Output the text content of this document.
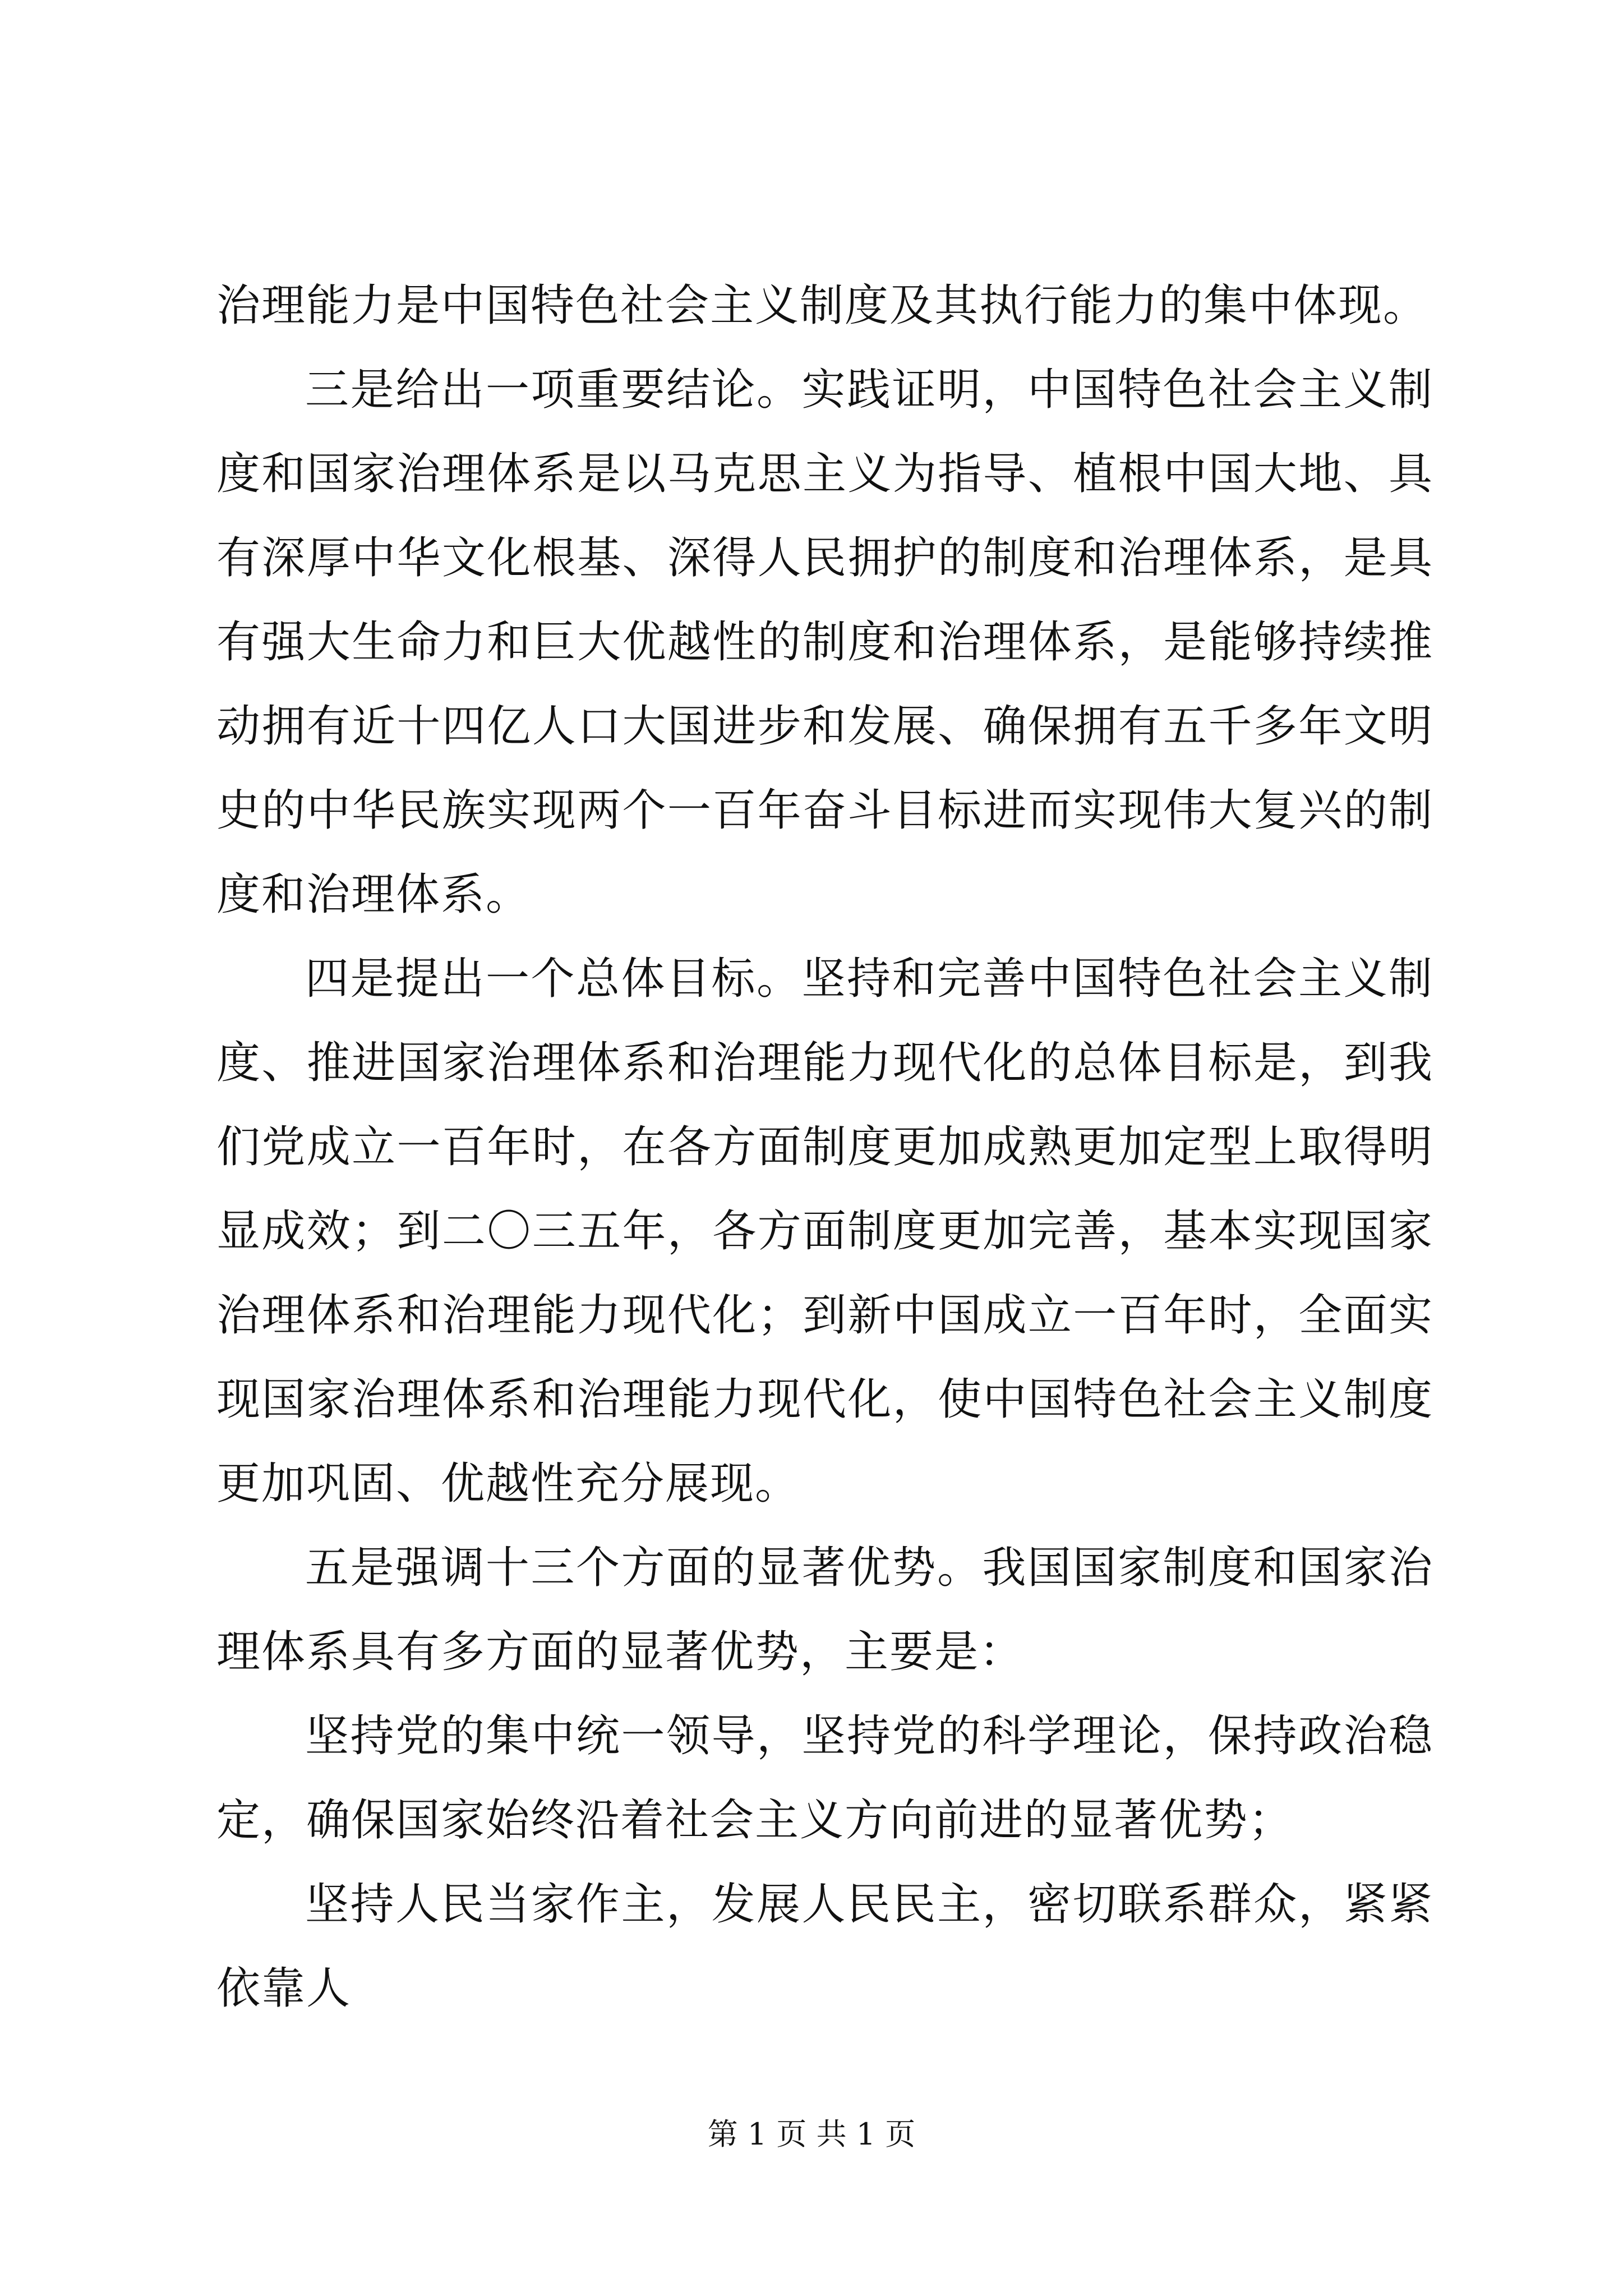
治理能力是中国特色社会主义制度及其执行能力的集中体现。

三是给出一项重要结论。实践证明，中国特色社会主义制度和国家治理体系是以马克思主义为指导、植根中国大地、具有深厚中华文化根基、深得人民拥护的制度和治理体系，是具有强大生命力和巨大优越性的制度和治理体系，是能够持续推动拥有近十四亿人口大国进步和发展、确保拥有五千多年文明史的中华民族实现两个一百年奋斗目标进而实现伟大复兴的制度和治理体系。

四是提出一个总体目标。坚持和完善中国特色社会主义制度、推进国家治理体系和治理能力现代化的总体目标是，到我们党成立一百年时，在各方面制度更加成熟更加定型上取得明显成效；到二〇三五年，各方面制度更加完善，基本实现国家治理体系和治理能力现代化；到新中国成立一百年时，全面实现国家治理体系和治理能力现代化，使中国特色社会主义制度更加巩固、优越性充分展现。

五是强调十三个方面的显著优势。我国国家制度和国家治理体系具有多方面的显著优势，主要是：

坚持党的集中统一领导，坚持党的科学理论，保持政治稳定，确保国家始终沿着社会主义方向前进的显著优势；

坚持人民当家作主，发展人民民主，密切联系群众，紧紧依靠人

第 1 页 共 1 页
